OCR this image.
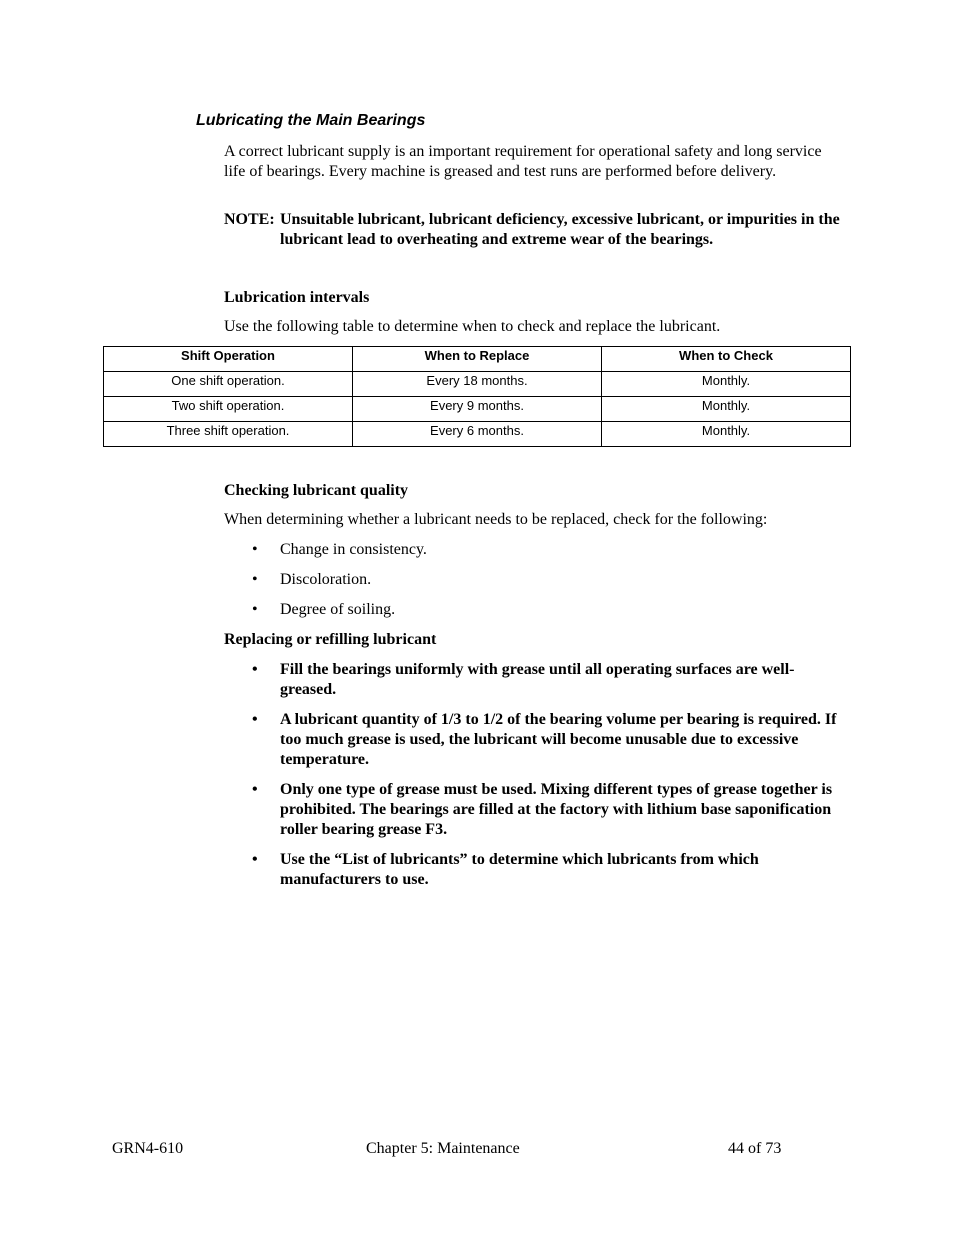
Lubricating the Main Bearings
A correct lubricant supply is an important requirement for operational safety and long service life of bearings. Every machine is greased and test runs are performed before delivery.
NOTE: Unsuitable lubricant, lubricant deficiency, excessive lubricant, or impurities in the lubricant lead to overheating and extreme wear of the bearings.
Lubrication intervals
Use the following table to determine when to check and replace the lubricant.
Shift Operation	When to Replace	When to Check
One shift operation.	Every 18 months.	Monthly.
Two shift operation.	Every 9 months.	Monthly.
Three shift operation.	Every 6 months.	Monthly.
Checking lubricant quality
When determining whether a lubricant needs to be replaced, check for the following:
• Change in consistency.
• Discoloration.
• Degree of soiling.
Replacing or refilling lubricant
• Fill the bearings uniformly with grease until all operating surfaces are well-greased.
• A lubricant quantity of 1/3 to 1/2 of the bearing volume per bearing is required. If too much grease is used, the lubricant will become unusable due to excessive temperature.
• Only one type of grease must be used. Mixing different types of grease together is prohibited. The bearings are filled at the factory with lithium base saponification roller bearing grease F3.
• Use the “List of lubricants” to determine which lubricants from which manufacturers to use.
GRN4-610	Chapter 5: Maintenance	44 of 73
